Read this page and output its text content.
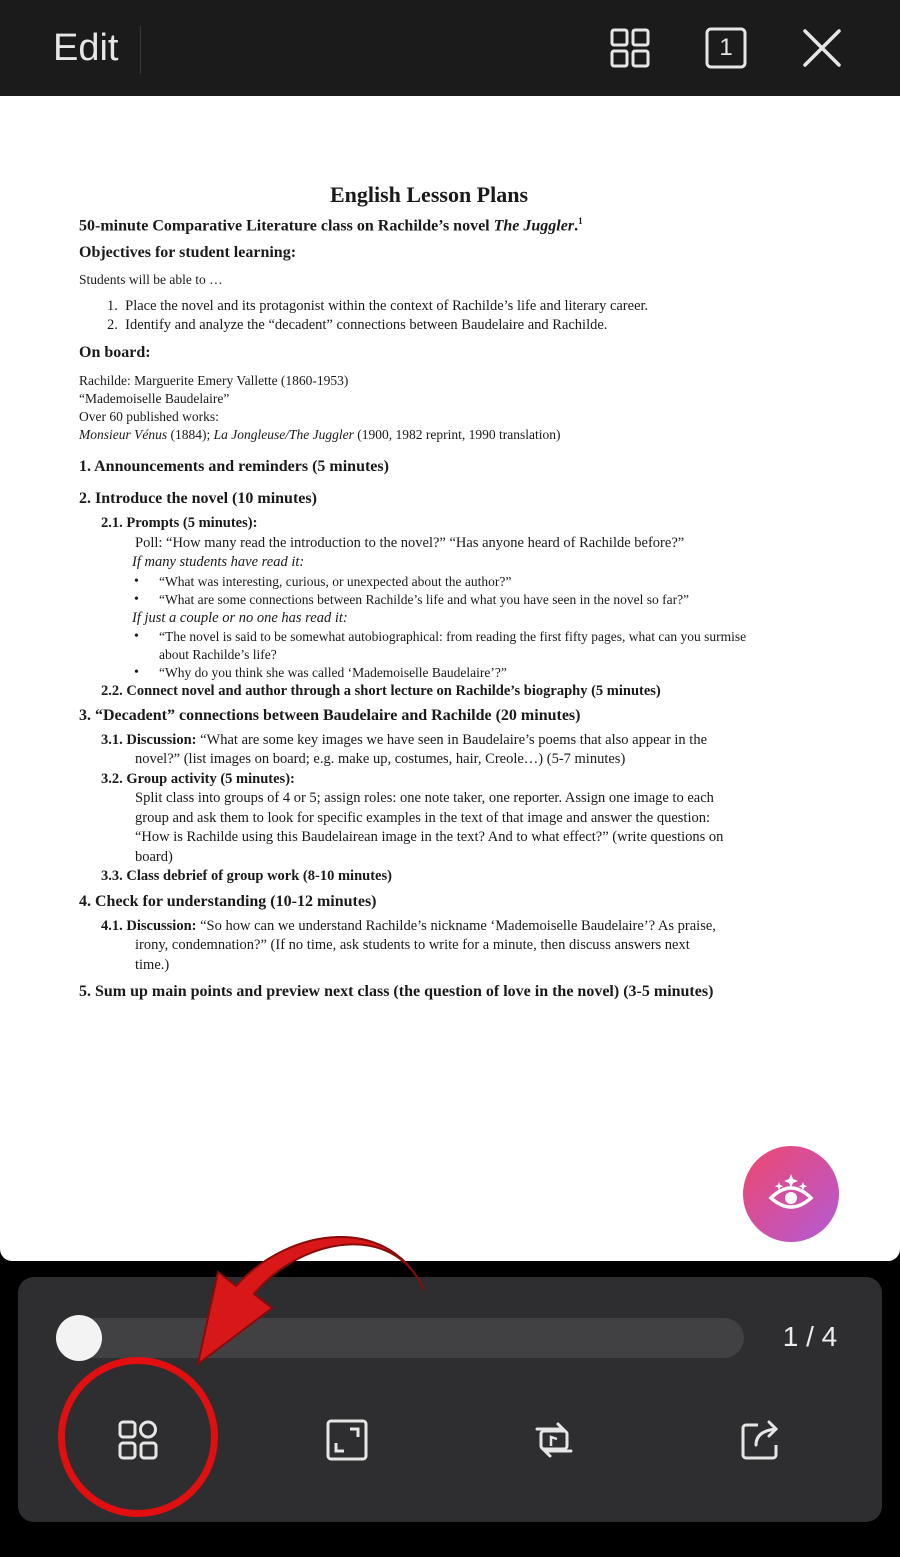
Edit	1

English Lesson Plans

50-minute Comparative Literature class on Rachilde’s novel The Juggler.$^1$

Objectives for student learning:

Students will be able to …

1. Place the novel and its protagonist within the context of Rachilde’s life and literary career.

2. Identify and analyze the “decadent” connections between Baudelaire and Rachilde.

On board:

Rachilde: Marguerite Emery Vallette (1860-1953)

“Mademoiselle Baudelaire”

Over 60 published works:

Monsieur Vénus (1884); La Jongleuse/The Juggler (1900, 1982 reprint, 1990 translation)

1. Announcements and reminders (5 minutes)

2. Introduce the novel (10 minutes)

2.1. Prompts (5 minutes):

Poll: “How many read the introduction to the novel?” “Has anyone heard of Rachilde before?”

If many students have read it:

• “What was interesting, curious, or unexpected about the author?”

• “What are some connections between Rachilde’s life and what you have seen in the novel so far?”

If just a couple or no one has read it:

• “The novel is said to be somewhat autobiographical: from reading the first fifty pages, what can you surmise about Rachilde’s life?

• “Why do you think she was called ‘Mademoiselle Baudelaire’?”

2.2. Connect novel and author through a short lecture on Rachilde’s biography (5 minutes)

3. “Decadent” connections between Baudelaire and Rachilde (20 minutes)

3.1. Discussion: “What are some key images we have seen in Baudelaire’s poems that also appear in the

novel?” (list images on board; e.g. make up, costumes, hair, Creole…) (5-7 minutes)

3.2. Group activity (5 minutes):

Split class into groups of 4 or 5; assign roles: one note taker, one reporter. Assign one image to each

group and ask them to look for specific examples in the text of that image and answer the question:

“How is Rachilde using this Baudelairean image in the text? And to what effect?” (write questions on

board)

3.3. Class debrief of group work (8-10 minutes)

4. Check for understanding (10-12 minutes)

4.1. Discussion: “So how can we understand Rachilde’s nickname ‘Mademoiselle Baudelaire’? As praise,

irony, condemnation?” (If no time, ask students to write for a minute, then discuss answers next

time.)

5. Sum up main points and preview next class (the question of love in the novel) (3-5 minutes)

1 / 4
